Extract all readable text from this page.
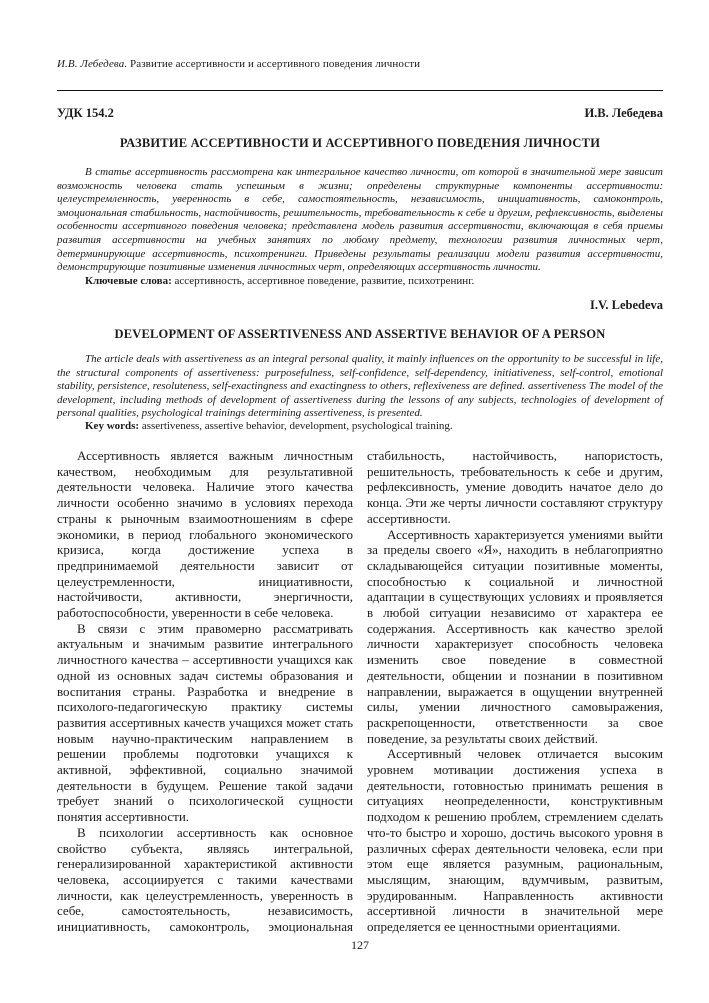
И.В. Лебедева. Развитие ассертивности и ассертивного поведения личности
УДК 154.2	И.В. Лебедева
РАЗВИТИЕ АССЕРТИВНОСТИ И АССЕРТИВНОГО ПОВЕДЕНИЯ ЛИЧНОСТИ

В статье ассертивность рассмотрена как интегральное качество личности, от которой в значительной мере зависит возможность человека стать успешным в жизни; определены структурные компоненты ассертивности: целеустремленность, уверенность в себе, самостоятельность, независимость, инициативность, самоконтроль, эмоциональная стабильность, настойчивость, решительность, требовательность к себе и другим, рефлексивность, выделены особенности ассертивного поведения человека; представлена модель развития ассертивности, включающая в себя приемы развития ассертивности на учебных занятиях по любому предмету, технологии развития личностных черт, детерминирующие ассертивность, психотренинги. Приведены результаты реализации модели развития ассертивности, демонстрирующие позитивные изменения личностных черт, определяющих ассертивность личности.

Ключевые слова: ассертивность, ассертивное поведение, развитие, психотренинг.

I.V. Lebedeva
DEVELOPMENT OF ASSERTIVENESS AND ASSERTIVE BEHAVIOR OF A PERSON

The article deals with assertiveness as an integral personal quality, it mainly influences on the opportunity to be successful in life, the structural components of assertiveness: purposefulness, self-confidence, self-dependency, initiativeness, self-control, emotional stability, persistence, resoluteness, self-exactingness and exactingness to others, reflexiveness are defined. assertiveness The model of the development, including methods of development of assertiveness during the lessons of any subjects, technologies of development of personal qualities, psychological trainings determining assertiveness, is presented.

Key words: assertiveness, assertive behavior, development, psychological training.

Ассертивность является важным личностным качеством, необходимым для результативной деятельности человека. Наличие этого качества личности особенно значимо в условиях перехода страны к рыночным взаимоотношениям в сфере экономики, в период глобального экономического кризиса, когда достижение успеха в предпринимаемой деятельности зависит от целеустремленности, инициативности, настойчивости, активности, энергичности, работоспособности, уверенности в себе человека.

В связи с этим правомерно рассматривать актуальным и значимым развитие интегрального личностного качества – ассертивности учащихся как одной из основных задач системы образования и воспитания страны. Разработка и внедрение в психолого-педагогическую практику системы развития ассертивных качеств учащихся может стать новым научно-практическим направлением в решении проблемы подготовки учащихся к активной, эффективной, социально значимой деятельности в будущем. Решение такой задачи требует знаний о психологической сущности понятия ассертивности.

В психологии ассертивность как основное свойство субъекта, являясь интегральной, генерализированной характеристикой активности человека, ассоциируется с такими качествами личности, как целеустремленность, уверенность в себе, самостоятельность, независимость, инициативность, самоконтроль, эмоциональная стабильность, настойчивость, напористость, решительность, требовательность к себе и другим, рефлексивность, умение доводить начатое дело до конца. Эти же черты личности составляют структуру ассертивности.

Ассертивность характеризуется умениями выйти за пределы своего «Я», находить в неблагоприятно складывающейся ситуации позитивные моменты, способностью к социальной и личностной адаптации в существующих условиях и проявляется в любой ситуации независимо от характера ее содержания. Ассертивность как качество зрелой личности характеризует способность человека изменить свое поведение в совместной деятельности, общении и познании в позитивном направлении, выражается в ощущении внутренней силы, умении личностного самовыражения, раскрепощенности, ответственности за свое поведение, за результаты своих действий.

Ассертивный человек отличается высоким уровнем мотивации достижения успеха в деятельности, готовностью принимать решения в ситуациях неопределенности, конструктивным подходом к решению проблем, стремлением сделать что-то быстро и хорошо, достичь высокого уровня в различных сферах деятельности человека, если при этом еще является разумным, рациональным, мыслящим, знающим, вдумчивым, развитым, эрудированным. Направленность активности ассертивной личности в значительной мере определяется ее ценностными ориентациями.

127
